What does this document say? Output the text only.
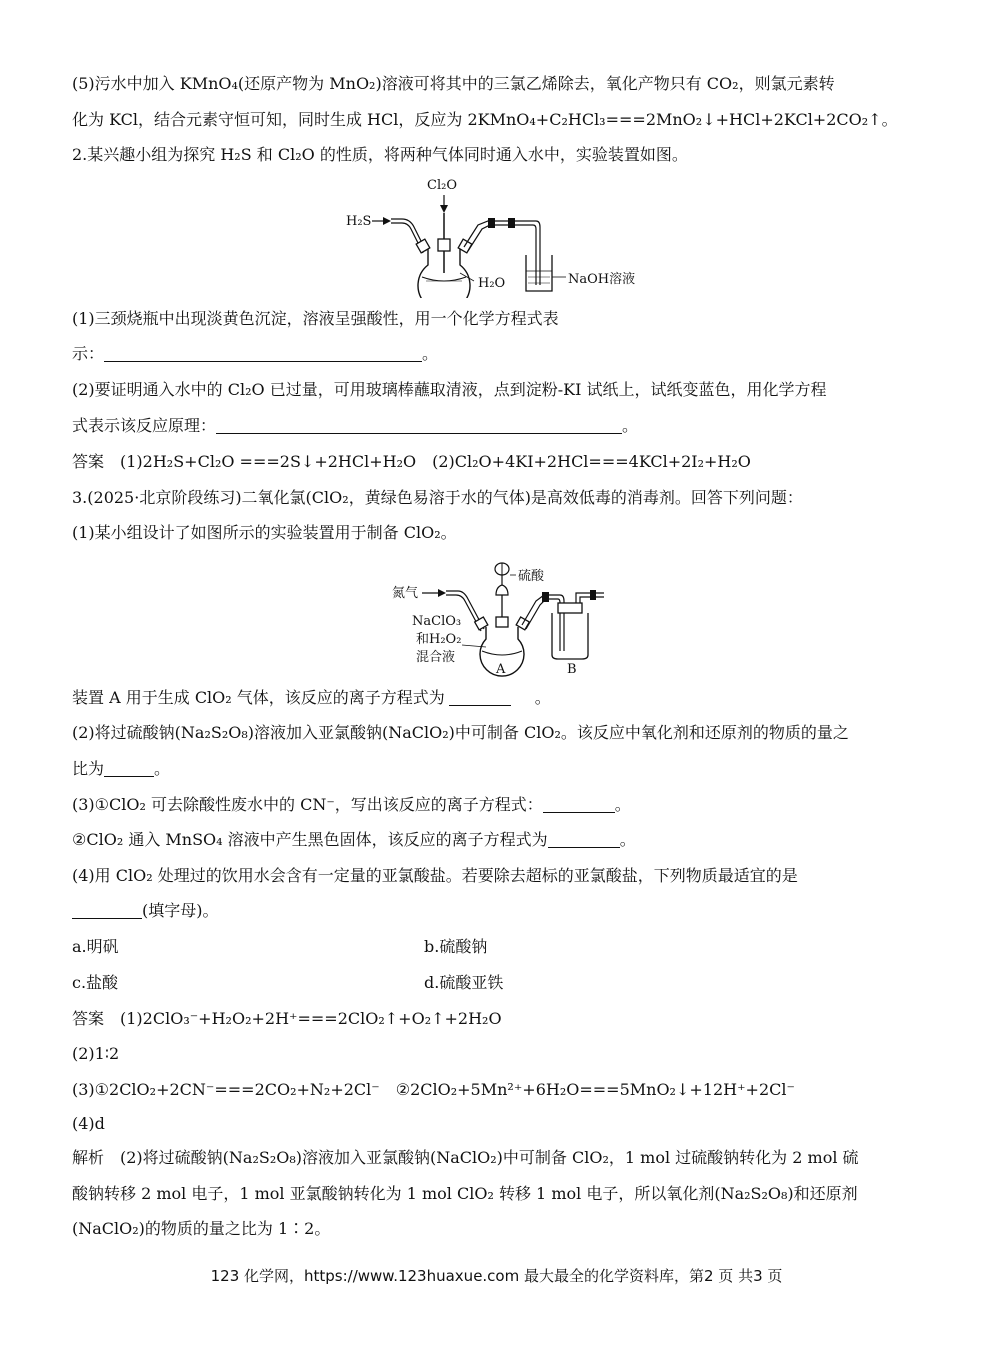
(5)污水中加入 KMnO₄(还原产物为 MnO₂)溶液可将其中的三氯乙烯除去，氧化产物只有 CO₂，则氯元素转
化为 KCl，结合元素守恒可知，同时生成 HCl，反应为 2KMnO₄+C₂HCl₃===2MnO₂↓+HCl+2KCl+2CO₂↑。
2.某兴趣小组为探究 H₂S 和 Cl₂O 的性质，将两种气体同时通入水中，实验装置如图。
Cl₂O
H₂S
H₂O	NaOH溶液
(1)三颈烧瓶中出现淡黄色沉淀，溶液呈强酸性，用一个化学方程式表
示：	。
(2)要证明通入水中的 Cl₂O 已过量，可用玻璃棒蘸取清液，点到淀粉-KI 试纸上，试纸变蓝色，用化学方程
式表示该反应原理：	。
答案　(1)2H₂S+Cl₂O ===2S↓+2HCl+H₂O　(2)Cl₂O+4KI+2HCl===4KCl+2I₂+H₂O
3.(2025·北京阶段练习)二氧化氯(ClO₂，黄绿色易溶于水的气体)是高效低毒的消毒剂。回答下列问题：
(1)某小组设计了如图所示的实验装置用于制备 ClO₂。
硫酸
氮气
NaClO₃
和H₂O₂
混合液
A	B
装置 A 用于生成 ClO₂ 气体，该反应的离子方程式为	。
(2)将过硫酸钠(Na₂S₂O₈)溶液加入亚氯酸钠(NaClO₂)中可制备 ClO₂。该反应中氧化剂和还原剂的物质的量之
比为	。
(3)①ClO₂ 可去除酸性废水中的 CN⁻，写出该反应的离子方程式：	。
②ClO₂ 通入 MnSO₄ 溶液中产生黑色固体，该反应的离子方程式为	。
(4)用 ClO₂ 处理过的饮用水会含有一定量的亚氯酸盐。若要除去超标的亚氯酸盐，下列物质最适宜的是
(填字母)。
a.明矾	b.硫酸钠
c.盐酸	d.硫酸亚铁
答案　(1)2ClO₃⁻+H₂O₂+2H⁺===2ClO₂↑+O₂↑+2H₂O
(2)1∶2
(3)①2ClO₂+2CN⁻===2CO₂+N₂+2Cl⁻　②2ClO₂+5Mn²⁺+6H₂O===5MnO₂↓+12H⁺+2Cl⁻
(4)d
解析　(2)将过硫酸钠(Na₂S₂O₈)溶液加入亚氯酸钠(NaClO₂)中可制备 ClO₂，1 mol 过硫酸钠转化为 2 mol 硫
酸钠转移 2 mol 电子，1 mol 亚氯酸钠转化为 1 mol ClO₂ 转移 1 mol 电子，所以氧化剂(Na₂S₂O₈)和还原剂
(NaClO₂)的物质的量之比为 1∶2。
123 化学网，https://www.123huaxue.com 最大最全的化学资料库，第2 页 共3 页
